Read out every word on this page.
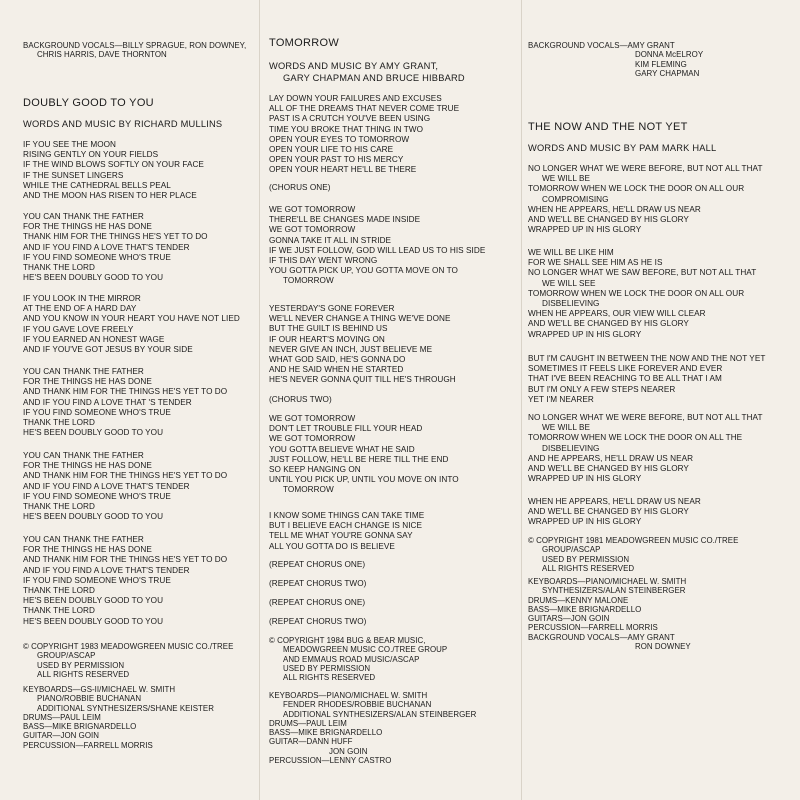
BACKGROUND VOCALS—BILLY SPRAGUE, RON DOWNEY,
CHRIS HARRIS, DAVE THORNTON
DOUBLY GOOD TO YOU
WORDS AND MUSIC BY RICHARD MULLINS
IF YOU SEE THE MOON
RISING GENTLY ON YOUR FIELDS
IF THE WIND BLOWS SOFTLY ON YOUR FACE
IF THE SUNSET LINGERS
WHILE THE CATHEDRAL BELLS PEAL
AND THE MOON HAS RISEN TO HER PLACE
YOU CAN THANK THE FATHER
FOR THE THINGS HE HAS DONE
THANK HIM FOR THE THINGS HE'S YET TO DO
AND IF YOU FIND A LOVE THAT'S TENDER
IF YOU FIND SOMEONE WHO'S TRUE
THANK THE LORD
HE'S BEEN DOUBLY GOOD TO YOU
IF YOU LOOK IN THE MIRROR
AT THE END OF A HARD DAY
AND YOU KNOW IN YOUR HEART YOU HAVE NOT LIED
IF YOU GAVE LOVE FREELY
IF YOU EARNED AN HONEST WAGE
AND IF YOU'VE GOT JESUS BY YOUR SIDE
YOU CAN THANK THE FATHER
FOR THE THINGS HE HAS DONE
AND THANK HIM FOR THE THINGS HE'S YET TO DO
AND IF YOU FIND A LOVE THAT 'S TENDER
IF YOU FIND SOMEONE WHO'S TRUE
THANK THE LORD
HE'S BEEN DOUBLY GOOD TO YOU
YOU CAN THANK THE FATHER
FOR THE THINGS HE HAS DONE
AND THANK HIM FOR THE THINGS HE'S YET TO DO
AND IF YOU FIND A LOVE THAT'S TENDER
IF YOU FIND SOMEONE WHO'S TRUE
THANK THE LORD
HE'S BEEN DOUBLY GOOD TO YOU
YOU CAN THANK THE FATHER
FOR THE THINGS HE HAS DONE
AND THANK HIM FOR THE THINGS HE'S YET TO DO
AND IF YOU FIND A LOVE THAT'S TENDER
IF YOU FIND SOMEONE WHO'S TRUE
THANK THE LORD
HE'S BEEN DOUBLY GOOD TO YOU
THANK THE LORD
HE'S BEEN DOUBLY GOOD TO YOU
© COPYRIGHT 1983 MEADOWGREEN MUSIC CO./TREE
GROUP/ASCAP
USED BY PERMISSION
ALL RIGHTS RESERVED
KEYBOARDS—GS-II/MICHAEL W. SMITH
PIANO/ROBBIE BUCHANAN
ADDITIONAL SYNTHESIZERS/SHANE KEISTER
DRUMS—PAUL LEIM
BASS—MIKE BRIGNARDELLO
GUITAR—JON GOIN
PERCUSSION—FARRELL MORRIS
TOMORROW
WORDS AND MUSIC BY AMY GRANT,
GARY CHAPMAN AND BRUCE HIBBARD
LAY DOWN YOUR FAILURES AND EXCUSES
ALL OF THE DREAMS THAT NEVER COME TRUE
PAST IS A CRUTCH YOU'VE BEEN USING
TIME YOU BROKE THAT THING IN TWO
OPEN YOUR EYES TO TOMORROW
OPEN YOUR LIFE TO HIS CARE
OPEN YOUR PAST TO HIS MERCY
OPEN YOUR HEART HE'LL BE THERE
(CHORUS ONE)
WE GOT TOMORROW
THERE'LL BE CHANGES MADE INSIDE
WE GOT TOMORROW
GONNA TAKE IT ALL IN STRIDE
IF WE JUST FOLLOW, GOD WILL LEAD US TO HIS SIDE
IF THIS DAY WENT WRONG
YOU GOTTA PICK UP, YOU GOTTA MOVE ON TO
TOMORROW
YESTERDAY'S GONE FOREVER
WE'LL NEVER CHANGE A THING WE'VE DONE
BUT THE GUILT IS BEHIND US
IF OUR HEART'S MOVING ON
NEVER GIVE AN INCH, JUST BELIEVE ME
WHAT GOD SAID, HE'S GONNA DO
AND HE SAID WHEN HE STARTED
HE'S NEVER GONNA QUIT TILL HE'S THROUGH
(CHORUS TWO)
WE GOT TOMORROW
DON'T LET TROUBLE FILL YOUR HEAD
WE GOT TOMORROW
YOU GOTTA BELIEVE WHAT HE SAID
JUST FOLLOW, HE'LL BE HERE TILL THE END
SO KEEP HANGING ON
UNTIL YOU PICK UP, UNTIL YOU MOVE ON INTO
TOMORROW
I KNOW SOME THINGS CAN TAKE TIME
BUT I BELIEVE EACH CHANGE IS NICE
TELL ME WHAT YOU'RE GONNA SAY
ALL YOU GOTTA DO IS BELIEVE
(REPEAT CHORUS ONE)
(REPEAT CHORUS TWO)
(REPEAT CHORUS ONE)
(REPEAT CHORUS TWO)
© COPYRIGHT 1984 BUG & BEAR MUSIC,
MEADOWGREEN MUSIC CO./TREE GROUP
AND EMMAUS ROAD MUSIC/ASCAP
USED BY PERMISSION
ALL RIGHTS RESERVED
KEYBOARDS—PIANO/MICHAEL W. SMITH
FENDER RHODES/ROBBIE BUCHANAN
ADDITIONAL SYNTHESIZERS/ALAN STEINBERGER
DRUMS—PAUL LEIM
BASS—MIKE BRIGNARDELLO
GUITAR—DANN HUFF
JON GOIN
PERCUSSION—LENNY CASTRO
BACKGROUND VOCALS—AMY GRANT
DONNA McELROY
KIM FLEMING
GARY CHAPMAN
THE NOW AND THE NOT YET
WORDS AND MUSIC BY PAM MARK HALL
NO LONGER WHAT WE WERE BEFORE, BUT NOT ALL THAT
WE WILL BE
TOMORROW WHEN WE LOCK THE DOOR ON ALL OUR
COMPROMISING
WHEN HE APPEARS, HE'LL DRAW US NEAR
AND WE'LL BE CHANGED BY HIS GLORY
WRAPPED UP IN HIS GLORY
WE WILL BE LIKE HIM
FOR WE SHALL SEE HIM AS HE IS
NO LONGER WHAT WE SAW BEFORE, BUT NOT ALL THAT
WE WILL SEE
TOMORROW WHEN WE LOCK THE DOOR ON ALL OUR
DISBELIEVING
WHEN HE APPEARS, OUR VIEW WILL CLEAR
AND WE'LL BE CHANGED BY HIS GLORY
WRAPPED UP IN HIS GLORY
BUT I'M CAUGHT IN BETWEEN THE NOW AND THE NOT YET
SOMETIMES IT FEELS LIKE FOREVER AND EVER
THAT I'VE BEEN REACHING TO BE ALL THAT I AM
BUT I'M ONLY A FEW STEPS NEARER
YET I'M NEARER
NO LONGER WHAT WE WERE BEFORE, BUT NOT ALL THAT
WE WILL BE
TOMORROW WHEN WE LOCK THE DOOR ON ALL THE
DISBELIEVING
AND HE APPEARS, HE'LL DRAW US NEAR
AND WE'LL BE CHANGED BY HIS GLORY
WRAPPED UP IN HIS GLORY
WHEN HE APPEARS, HE'LL DRAW US NEAR
AND WE'LL BE CHANGED BY HIS GLORY
WRAPPED UP IN HIS GLORY
© COPYRIGHT 1981 MEADOWGREEN MUSIC CO./TREE
GROUP/ASCAP
USED BY PERMISSION
ALL RIGHTS RESERVED
KEYBOARDS—PIANO/MICHAEL W. SMITH
SYNTHESIZERS/ALAN STEINBERGER
DRUMS—KENNY MALONE
BASS—MIKE BRIGNARDELLO
GUITARS—JON GOIN
PERCUSSION—FARRELL MORRIS
BACKGROUND VOCALS—AMY GRANT
RON DOWNEY
